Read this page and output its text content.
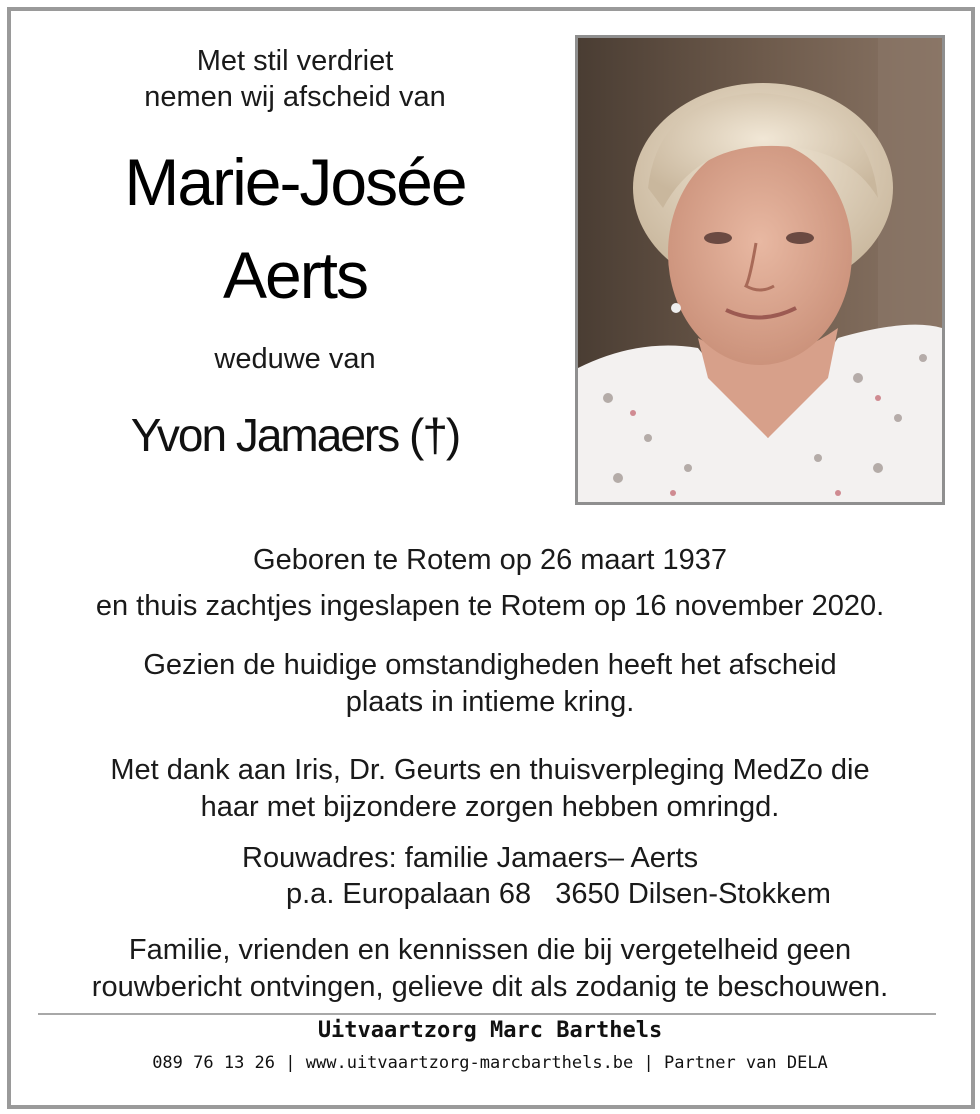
Met stil verdriet
nemen wij afscheid van
Marie-Josée
Aerts
weduwe van
Yvon Jamaers (†)
Geboren te Rotem op 26 maart 1937
en thuis zachtjes ingeslapen te Rotem op 16 november 2020.
Gezien de huidige omstandigheden heeft het afscheid
plaats in intieme kring.
Met dank aan Iris, Dr. Geurts en thuisverpleging MedZo die
haar met bijzondere zorgen hebben omringd.
Rouwadres: familie Jamaers– Aerts
p.a. Europalaan 68   3650 Dilsen-Stokkem
Familie, vrienden en kennissen die bij vergetelheid geen
rouwbericht ontvingen, gelieve dit als zodanig te beschouwen.
Uitvaartzorg Marc Barthels
089 76 13 26 | www.uitvaartzorg-marcbarthels.be | Partner van DELA
